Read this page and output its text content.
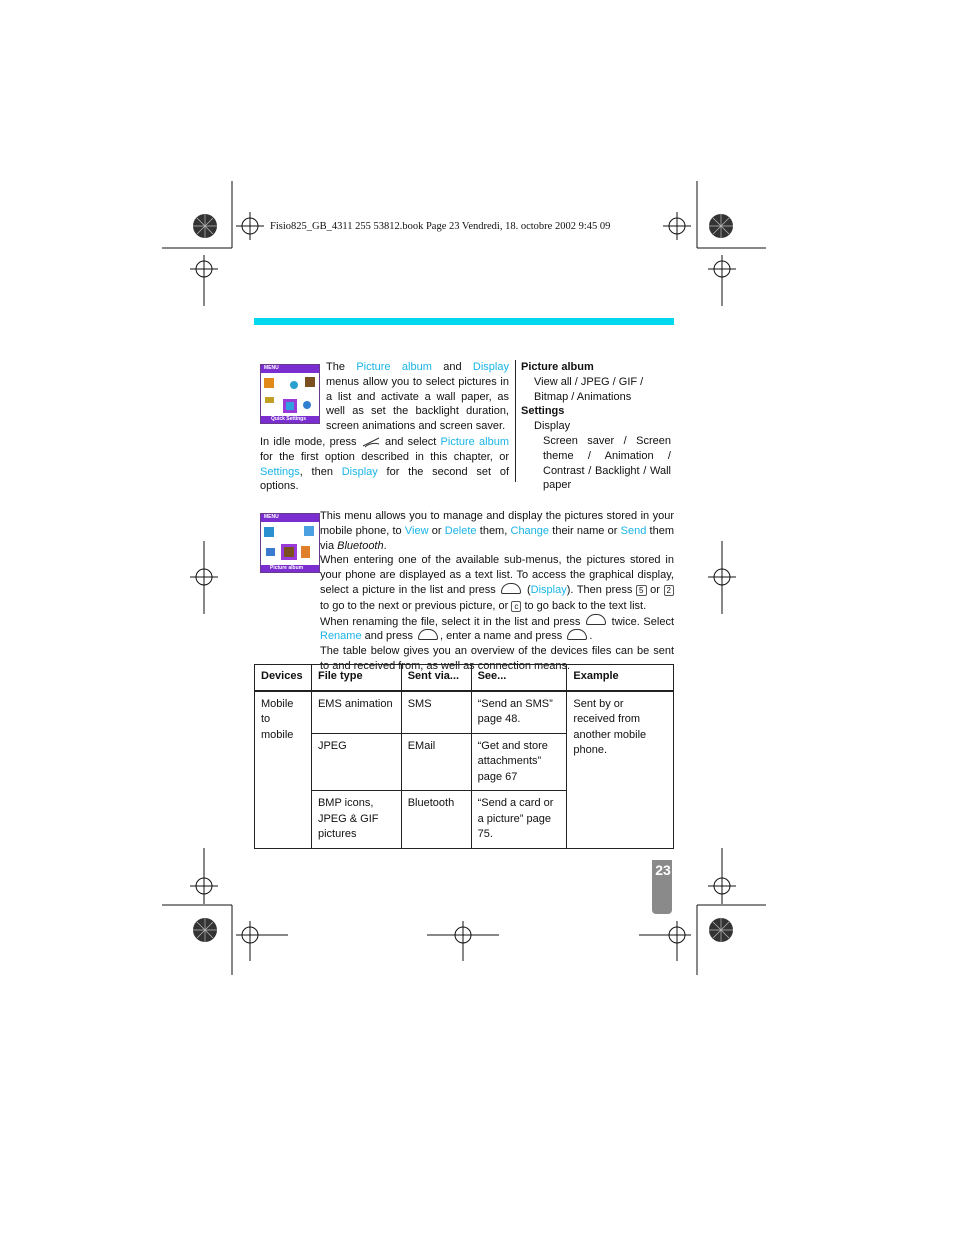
Fisio825_GB_4311 255 53812.book Page 23 Vendredi, 18. octobre 2002 9:45 09
MENU
Quick Settings
The Picture album and Display menus allow you to select pictures in a list and activate a wall paper, as well as set the backlight duration, screen animations and screen saver.
In idle mode, press  and select Picture album for the first option described in this chapter, or Settings, then Display for the second set of options.
Picture album
View all / JPEG / GIF / Bitmap / Animations
Settings
Display
Screen saver / Screen theme / Animation / Contrast / Backlight / Wall paper
MENU
Picture album
This menu allows you to manage and display the pictures stored in your mobile phone, to View or Delete them, Change their name or Send them via Bluetooth.
When entering one of the available sub-menus, the pictures stored in your phone are displayed as a text list. To access the graphical display, select a picture in the list and press  (Display). Then press 5 or 2 to go to the next or previous picture, or c to go back to the text list.
When renaming the file, select it in the list and press  twice. Select Rename and press , enter a name and press .
The table below gives you an overview of the devices files can be sent to and received from, as well as connection means.
Devices	File type	Sent via...	See...	Example
Mobile to mobile	EMS animation	SMS	“Send an SMS” page 48.	Sent by or received from another mobile phone.
	JPEG	EMail	“Get and store attachments” page 67	
	BMP icons, JPEG & GIF pictures	Bluetooth	“Send a card or a picture” page 75.	
23
